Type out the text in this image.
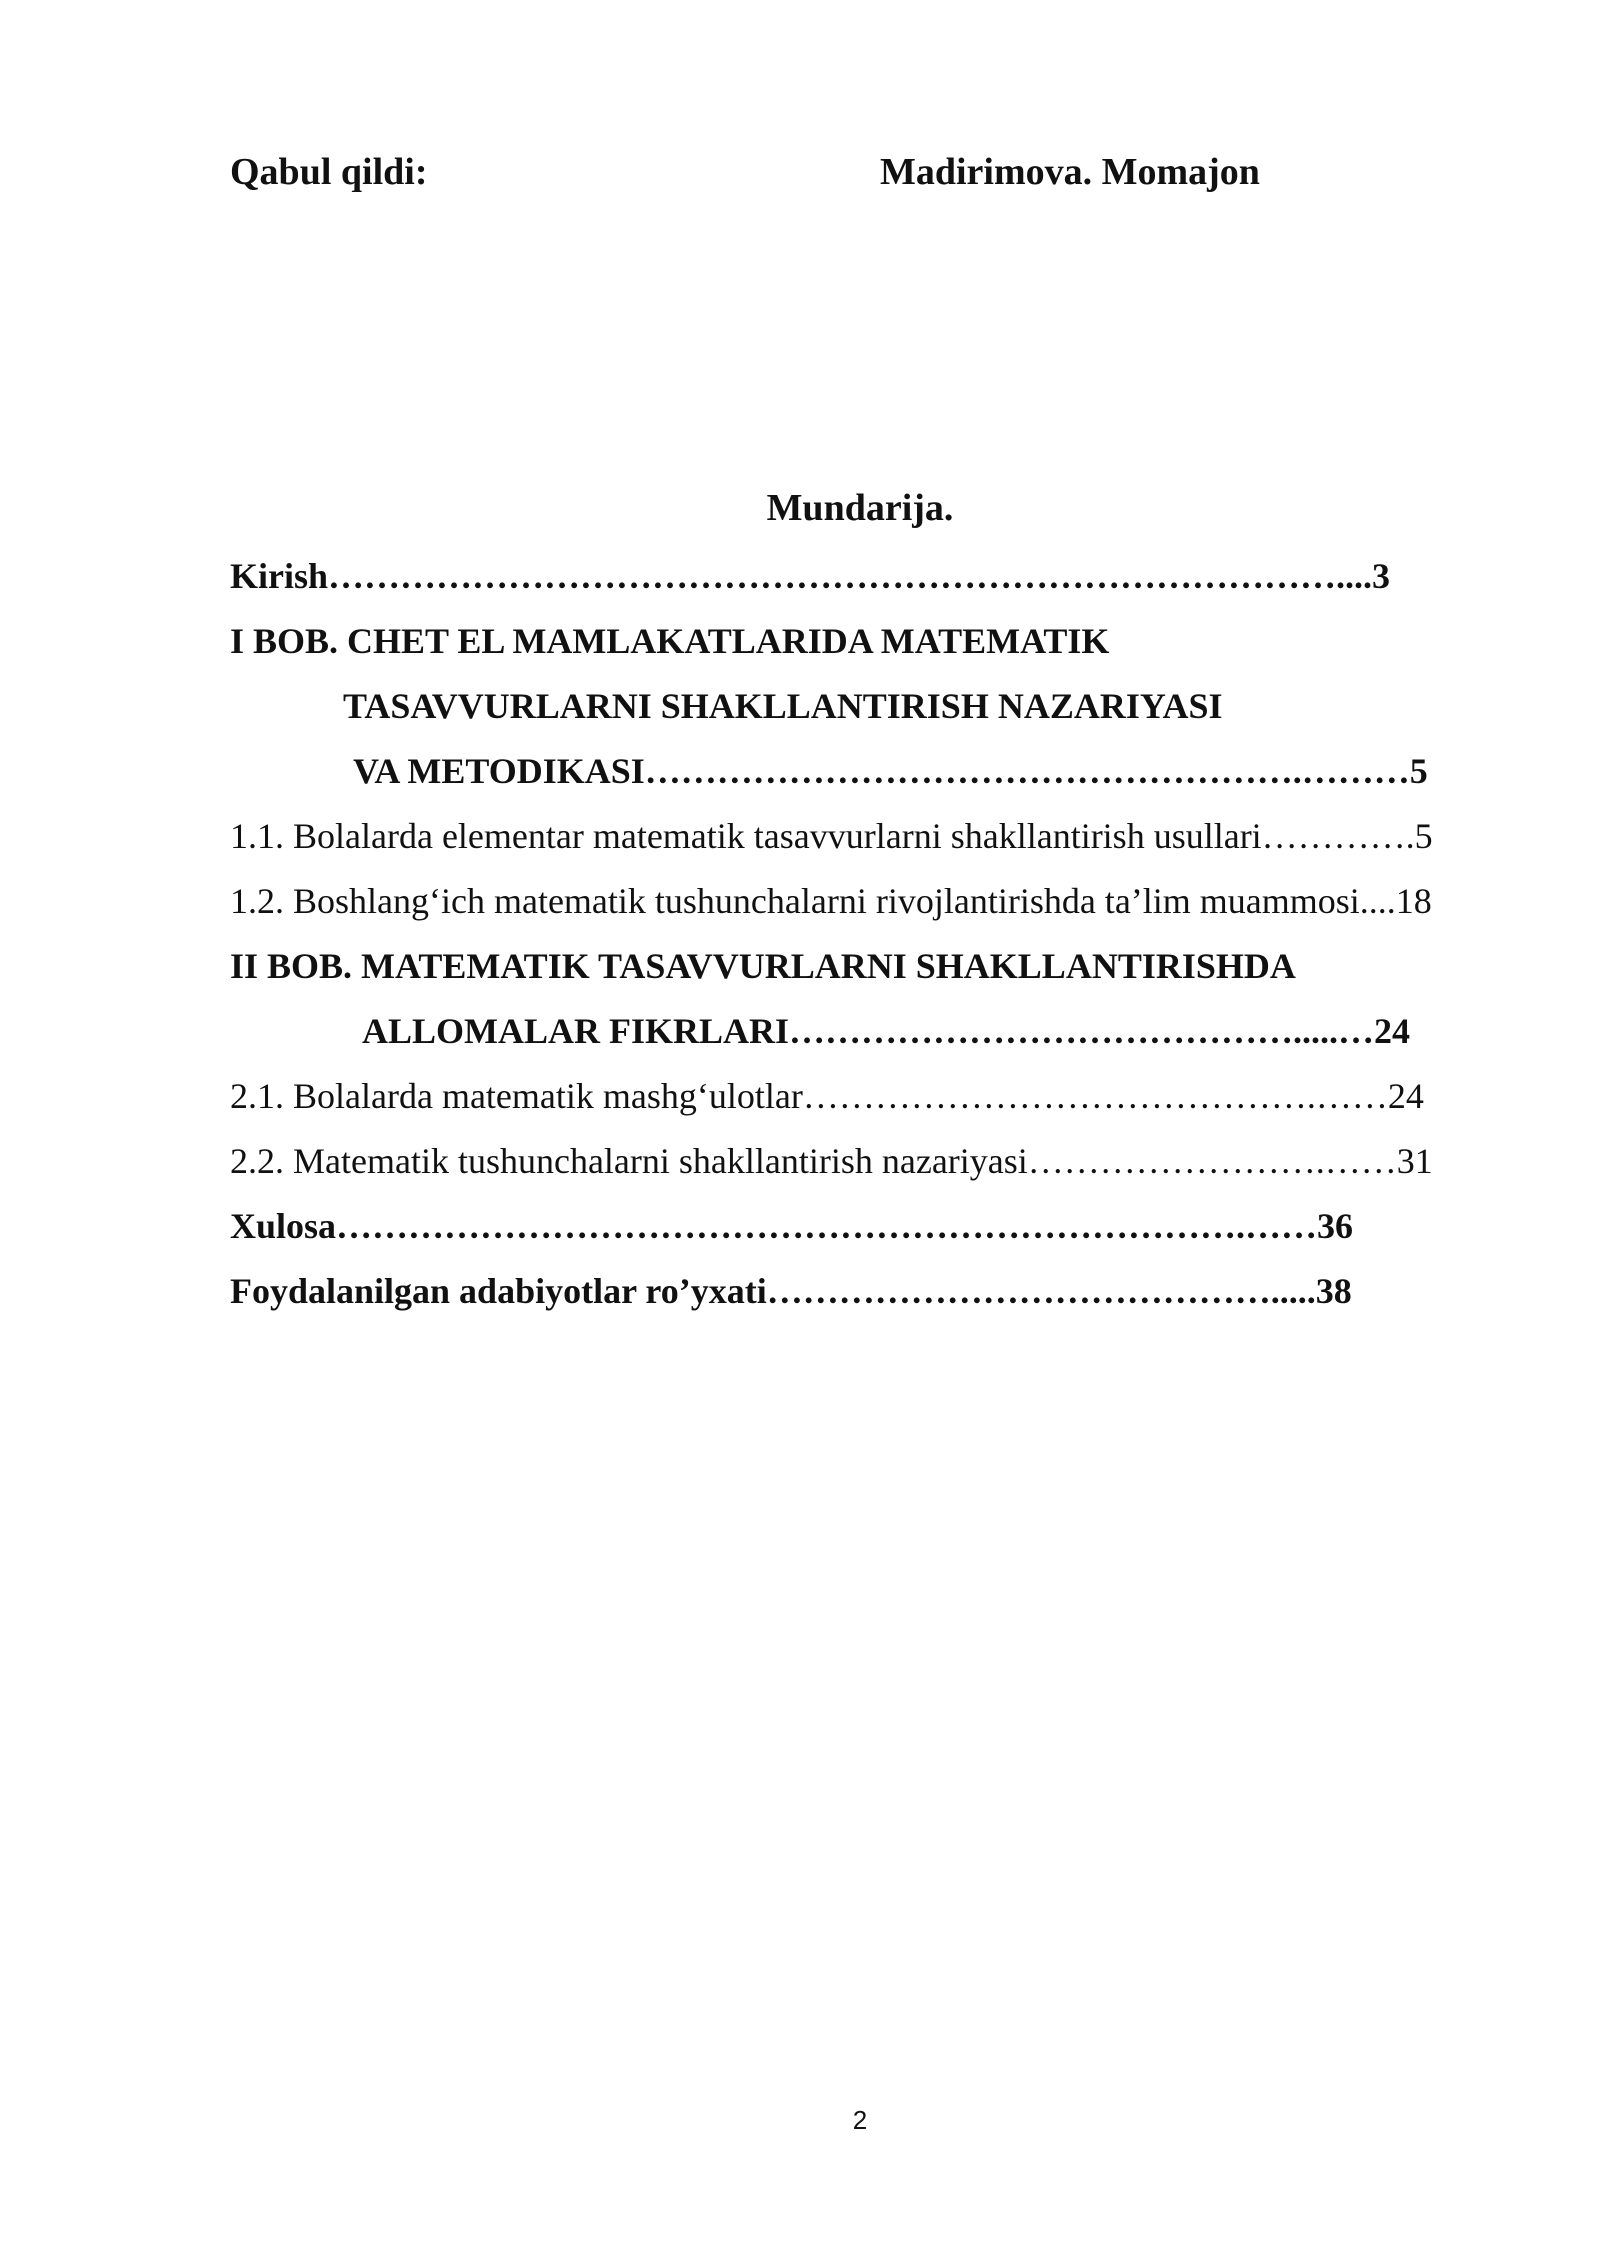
Qabul qildi:	Madirimova. Momajon
Mundarija.
Kirish…………………………………………………………………………....3
I BOB. CHET EL MAMLAKATLARIDA MATEMATIK
TASAVVURLARNI SHAKLLANTIRISH NAZARIYASI
VA METODIKASI……………………………………………….………5
1.1. Bolalarda elementar matematik tasavvurlarni shakllantirish usullari………….5
1.2. Boshlang‘ich matematik tushunchalarni rivojlantirishda ta’lim muammosi....18
II BOB. MATEMATIK TASAVVURLARNI SHAKLLANTIRISHDA
ALLOMALAR FIKRLARI…………………………………….....…24
2.1. Bolalarda matematik mashg‘ulotlar…………………………………….……24
2.2. Matematik tushunchalarni shakllantirish nazariyasi…………………….……31
Xulosa………………………………………………………………….……36
Foydalanilgan adabiyotlar ro’yxati…………………………………….....38
2
